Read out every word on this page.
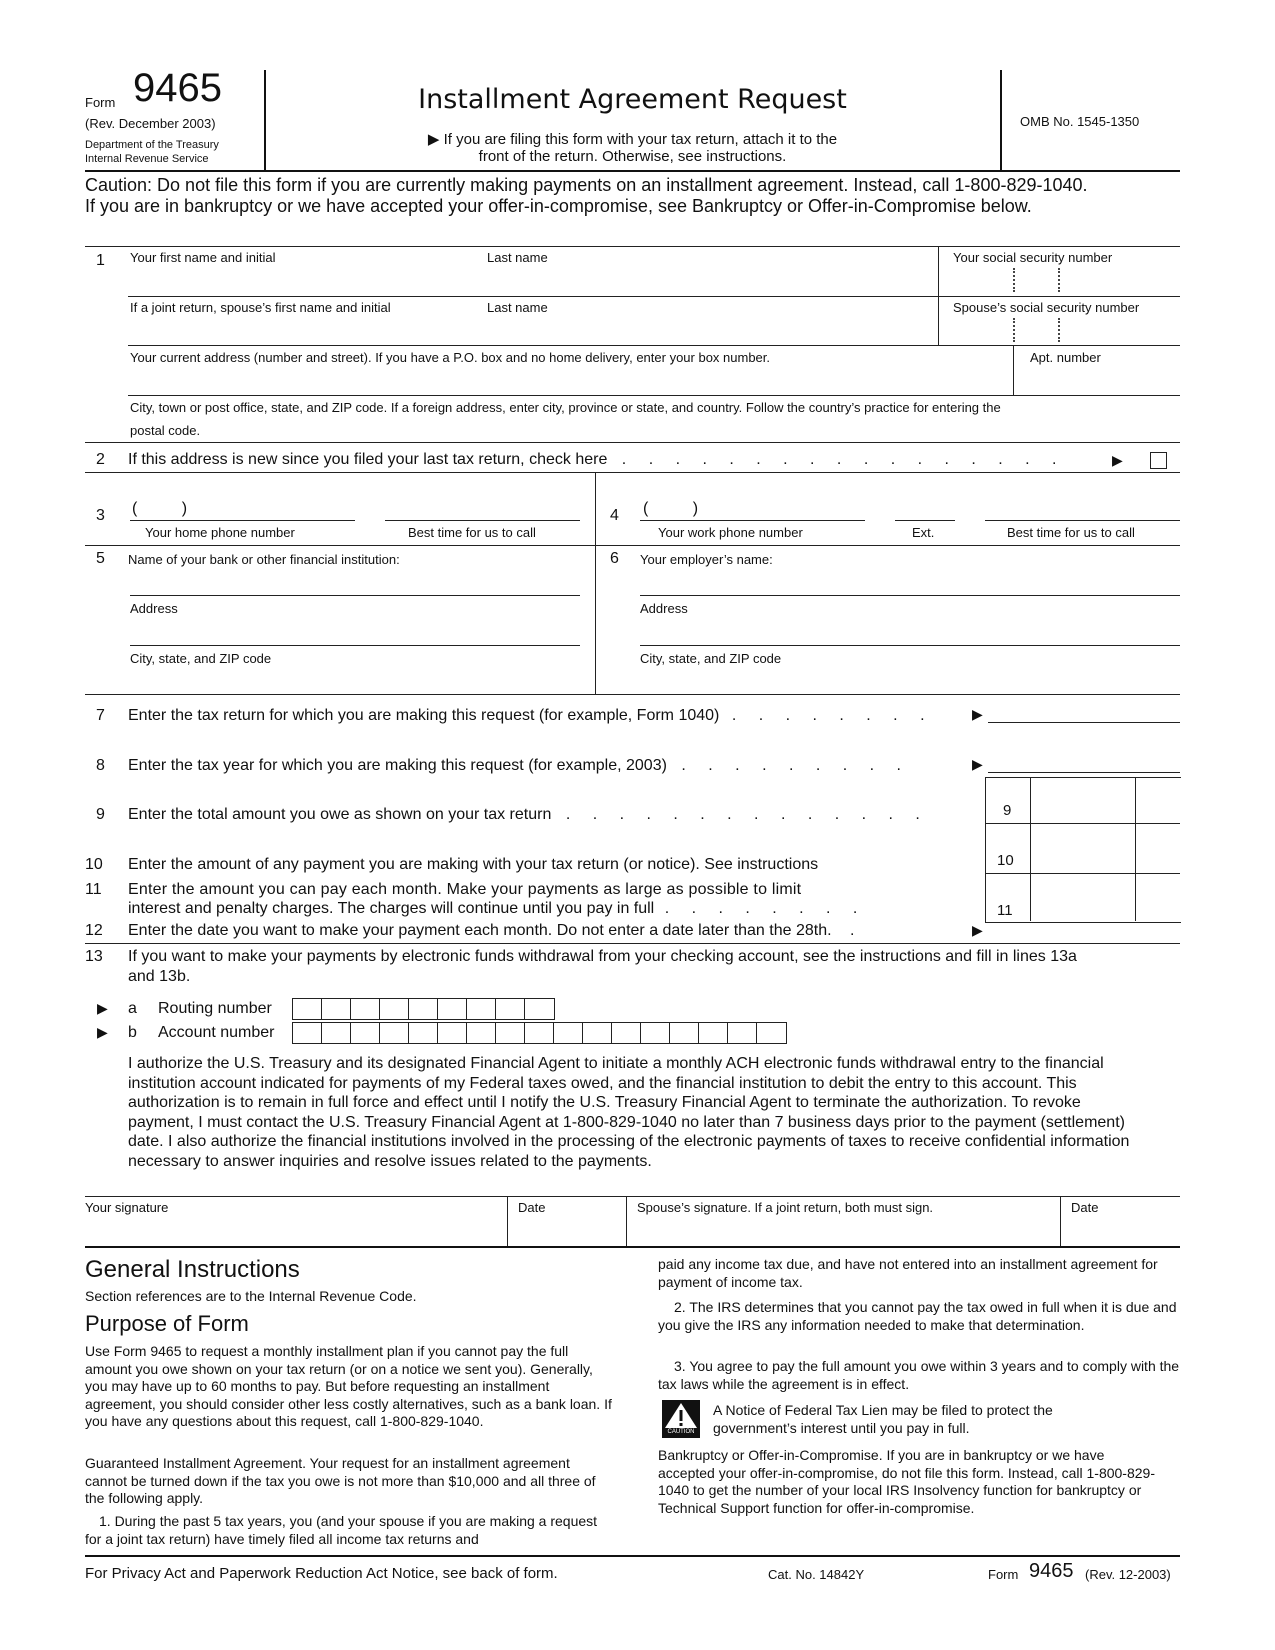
Form 9465
(Rev. December 2003)
Department of the Treasury
Internal Revenue Service
Installment Agreement Request
▶ If you are filing this form with your tax return, attach it to the
front of the return. Otherwise, see instructions.
OMB No. 1545-1350
Caution: Do not file this form if you are currently making payments on an installment agreement. Instead, call 1-800-829-1040.
If you are in bankruptcy or we have accepted your offer-in-compromise, see Bankruptcy or Offer-in-Compromise below.
1 Your first name and initial	Last name	Your social security number
If a joint return, spouse’s first name and initial	Last name	Spouse’s social security number
Your current address (number and street). If you have a P.O. box and no home delivery, enter your box number.	Apt. number
City, town or post office, state, and ZIP code. If a foreign address, enter city, province or state, and country. Follow the country’s practice for entering the
postal code.
2 If this address is new since you filed your last tax return, check here . . . . . . . . . . . . . . . . .	▶
3 (          )
Your home phone number	Best time for us to call
4 (          )
Your work phone number	Ext.	Best time for us to call
5 Name of your bank or other financial institution:
Address
City, state, and ZIP code
6 Your employer’s name:
Address
City, state, and ZIP code
7 Enter the tax return for which you are making this request (for example, Form 1040) . . . . . . . .	▶
8 Enter the tax year for which you are making this request (for example, 2003) . . . . . . . . .	▶
9
10
11
9 Enter the total amount you owe as shown on your tax return . . . . . . . . . . . . . .
10 Enter the amount of any payment you are making with your tax return (or notice). See instructions
11 Enter the amount you can pay each month. Make your payments as large as possible to limit
interest and penalty charges. The charges will continue until you pay in full . . . . . . . .
12 Enter the date you want to make your payment each month. Do not enter a date later than the 28th. .	▶
13 If you want to make your payments by electronic funds withdrawal from your checking account, see the instructions and fill in lines 13a
and 13b.
▶ a Routing number
▶ b Account number
I authorize the U.S. Treasury and its designated Financial Agent to initiate a monthly ACH electronic funds withdrawal entry to the financial institution account indicated for payments of my Federal taxes owed, and the financial institution to debit the entry to this account. This authorization is to remain in full force and effect until I notify the U.S. Treasury Financial Agent to terminate the authorization. To revoke payment, I must contact the U.S. Treasury Financial Agent at 1-800-829-1040 no later than 7 business days prior to the payment (settlement) date. I also authorize the financial institutions involved in the processing of the electronic payments of taxes to receive confidential information necessary to answer inquiries and resolve issues related to the payments.
Your signature	Date	Spouse’s signature. If a joint return, both must sign.	Date
General Instructions
Section references are to the Internal Revenue Code.
Purpose of Form
Use Form 9465 to request a monthly installment plan if you cannot pay the full amount you owe shown on your tax return (or on a notice we sent you). Generally, you may have up to 60 months to pay. But before requesting an installment agreement, you should consider other less costly alternatives, such as a bank loan. If you have any questions about this request, call 1-800-829-1040.
Guaranteed Installment Agreement. Your request for an installment agreement cannot be turned down if the tax you owe is not more than $10,000 and all three of the following apply.
1. During the past 5 tax years, you (and your spouse if you are making a request for a joint tax return) have timely filed all income tax returns and
paid any income tax due, and have not entered into an installment agreement for payment of income tax.
2. The IRS determines that you cannot pay the tax owed in full when it is due and you give the IRS any information needed to make that determination.
3. You agree to pay the full amount you owe within 3 years and to comply with the tax laws while the agreement is in effect.
CAUTION
A Notice of Federal Tax Lien may be filed to protect the government’s interest until you pay in full.
Bankruptcy or Offer-in-Compromise. If you are in bankruptcy or we have accepted your offer-in-compromise, do not file this form. Instead, call 1-800-829-1040 to get the number of your local IRS Insolvency function for bankruptcy or Technical Support function for offer-in-compromise.
For Privacy Act and Paperwork Reduction Act Notice, see back of form.	Cat. No. 14842Y	Form 9465 (Rev. 12-2003)
